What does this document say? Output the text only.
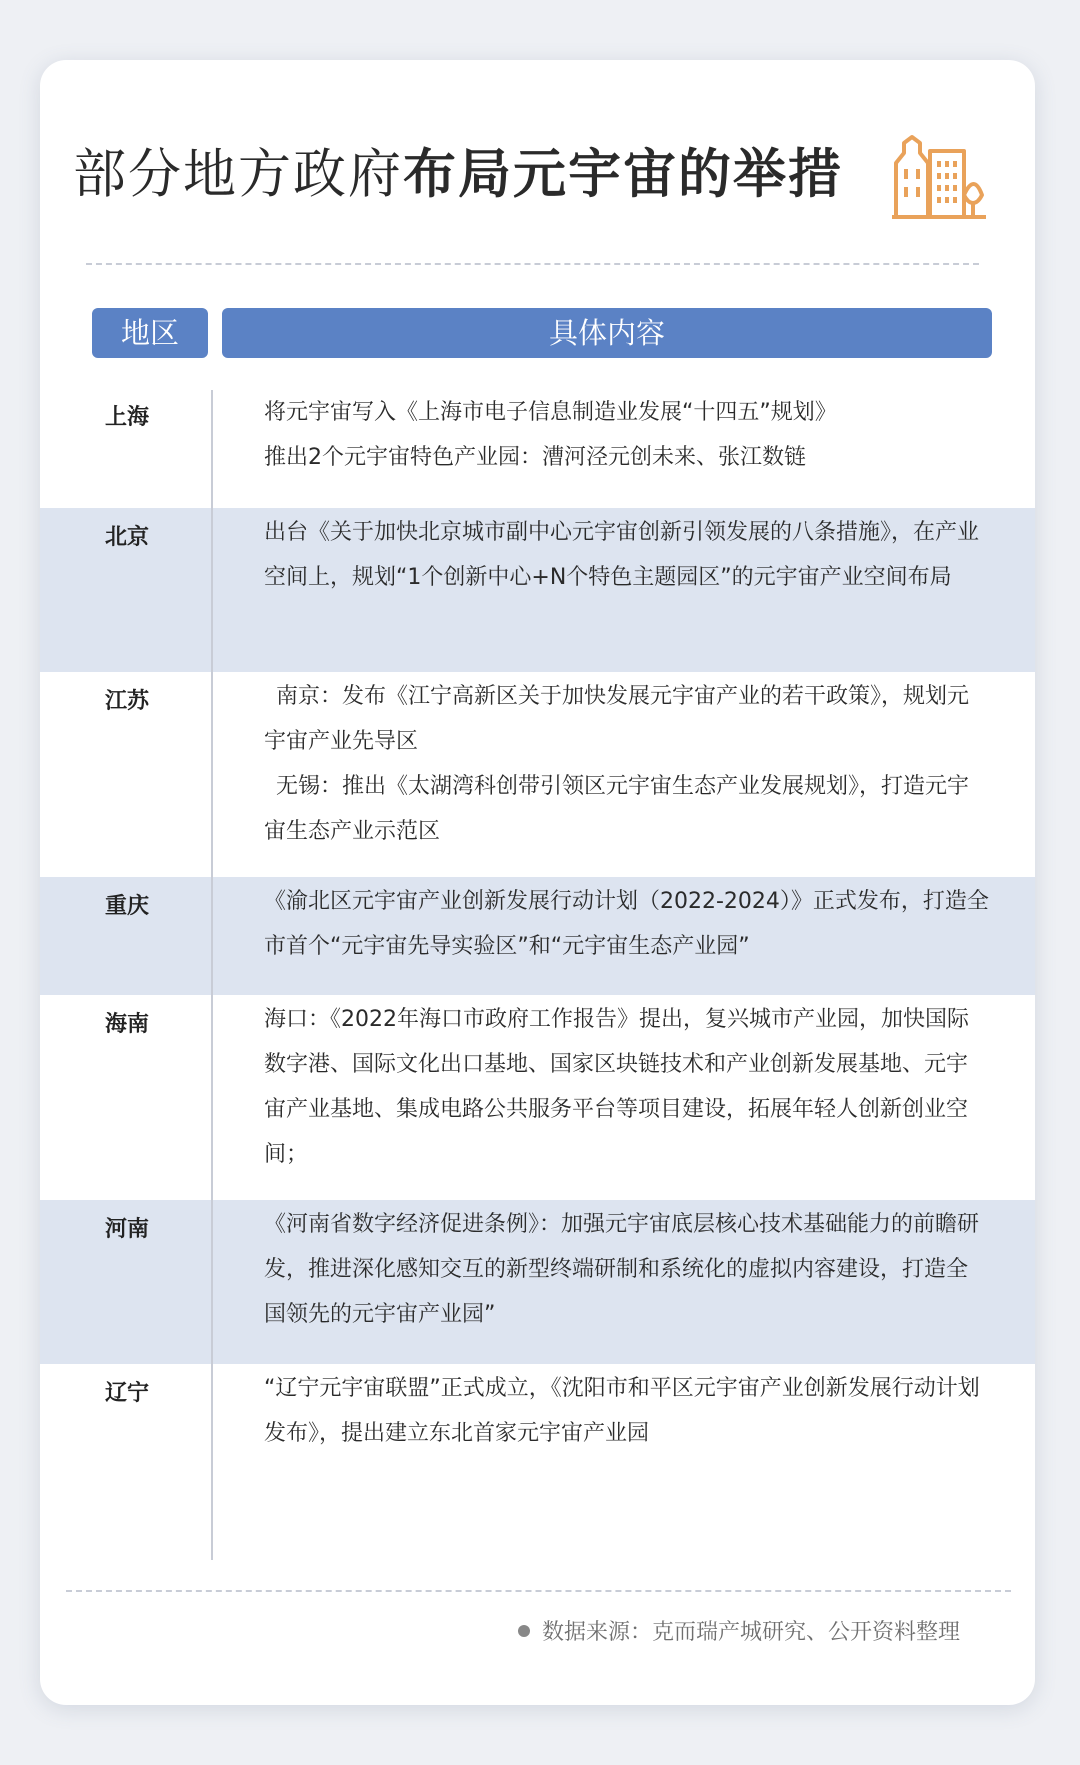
部分地方政府布局元宇宙的举措
地区	具体内容
上海	将元宇宙写入《上海市电子信息制造业发展“十四五”规划》

推出2个元宇宙特色产业园：漕河泾元创未来、张江数链

北京	出台《关于加快北京城市副中心元宇宙创新引领发展的八条措施》，在产业空间上，规划“1个创新中心+N个特色主题园区”的元宇宙产业空间布局

江苏	南京：发布《江宁高新区关于加快发展元宇宙产业的若干政策》，规划元宇宙产业先导区

无锡：推出《太湖湾科创带引领区元宇宙生态产业发展规划》，打造元宇宙生态产业示范区

重庆	《渝北区元宇宙产业创新发展行动计划（2022-2024）》正式发布，打造全市首个“元宇宙先导实验区”和“元宇宙生态产业园”

海南	海口：《2022年海口市政府工作报告》提出，复兴城市产业园，加快国际数字港、国际文化出口基地、国家区块链技术和产业创新发展基地、元宇宙产业基地、集成电路公共服务平台等项目建设，拓展年轻人创新创业空间；

河南	《河南省数字经济促进条例》：加强元宇宙底层核心技术基础能力的前瞻研发，推进深化感知交互的新型终端研制和系统化的虚拟内容建设，打造全国领先的元宇宙产业园”

辽宁	“辽宁元宇宙联盟”正式成立，《沈阳市和平区元宇宙产业创新发展行动计划发布》，提出建立东北首家元宇宙产业园

数据来源：克而瑞产城研究、公开资料整理
